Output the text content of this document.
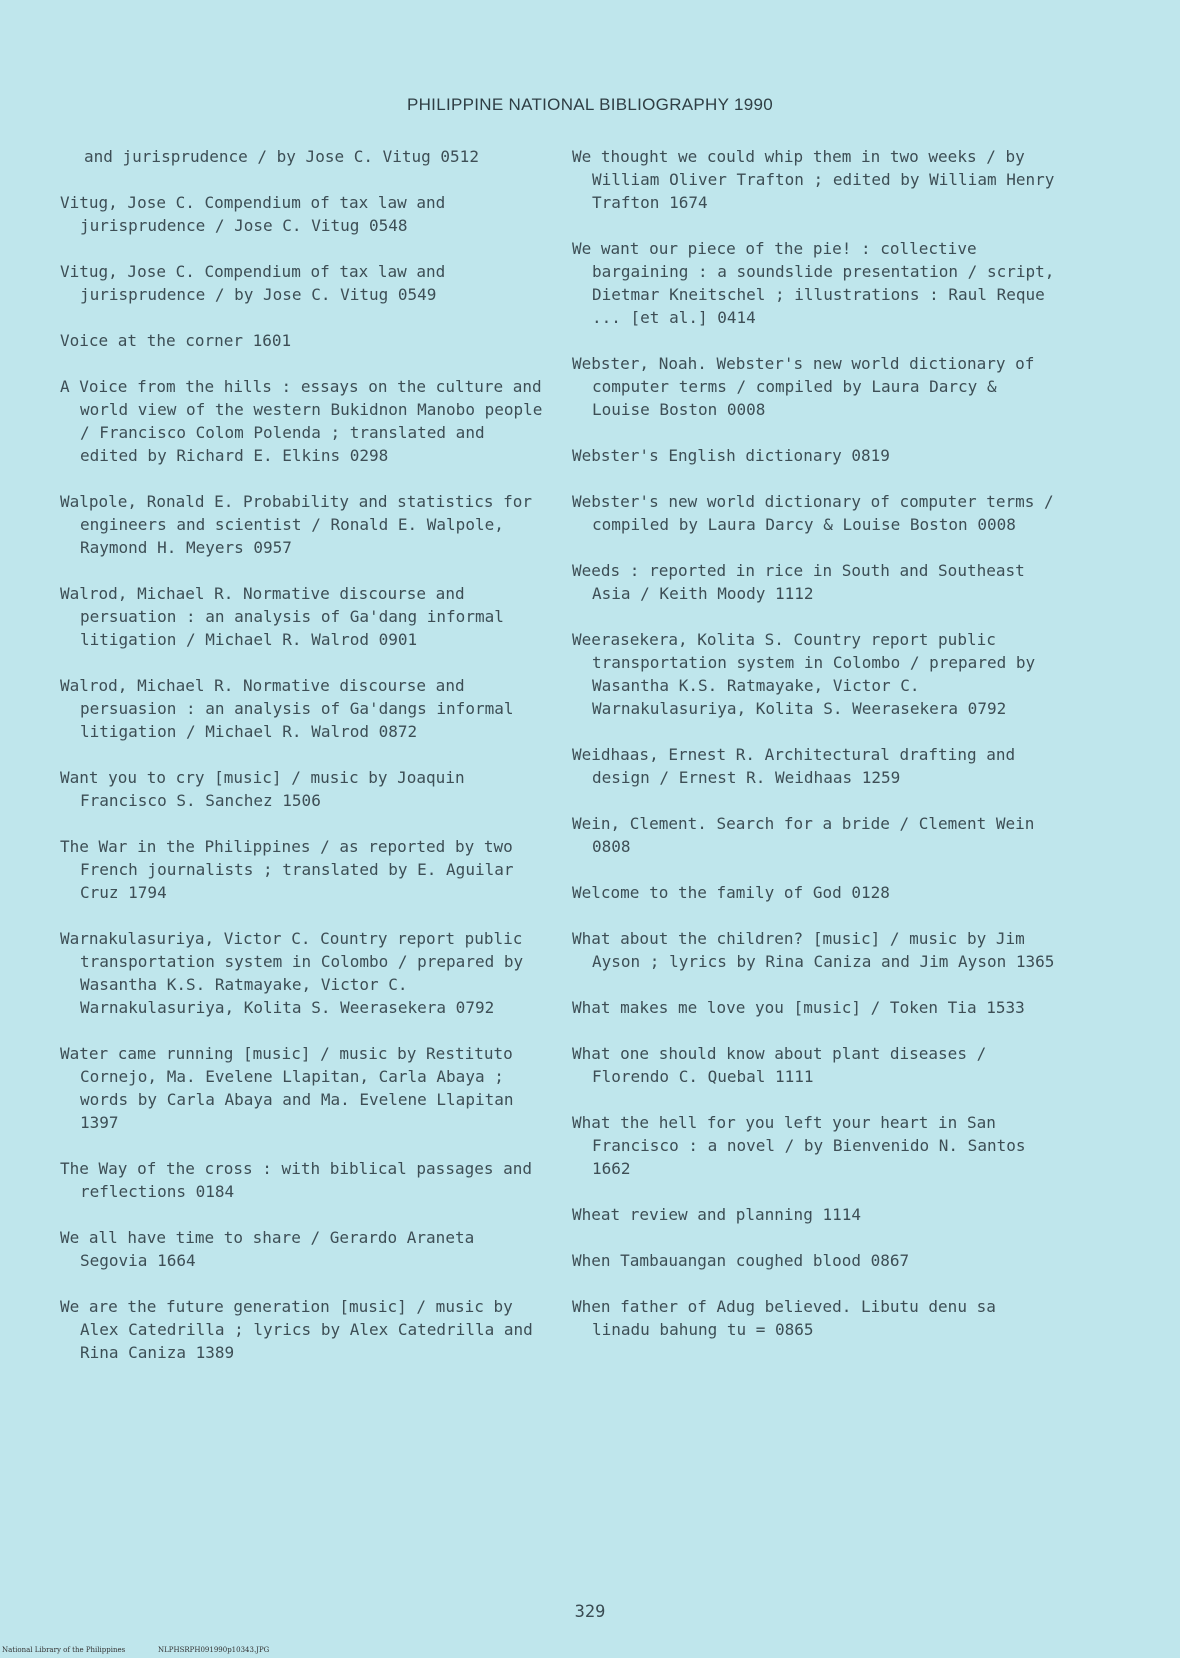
PHILIPPINE NATIONAL BIBLIOGRAPHY 1990
and jurisprudence / by Jose C. Vitug 0512
Vitug, Jose C. Compendium of tax law and jurisprudence / Jose C. Vitug 0548
Vitug, Jose C. Compendium of tax law and jurisprudence / by Jose C. Vitug 0549
Voice at the corner 1601
A Voice from the hills : essays on the culture and world view of the western Bukidnon Manobo people / Francisco Colom Polenda ; translated and edited by Richard E. Elkins 0298
Walpole, Ronald E. Probability and statistics for engineers and scientist / Ronald E. Walpole, Raymond H. Meyers 0957
Walrod, Michael R. Normative discourse and persuation : an analysis of Ga'dang informal litigation / Michael R. Walrod 0901
Walrod, Michael R. Normative discourse and persuasion : an analysis of Ga'dangs informal litigation / Michael R. Walrod 0872
Want you to cry [music] / music by Joaquin Francisco S. Sanchez 1506
The War in the Philippines / as reported by two French journalists ; translated by E. Aguilar Cruz 1794
Warnakulasuriya, Victor C. Country report public transportation system in Colombo / prepared by Wasantha K.S. Ratmayake, Victor C. Warnakulasuriya, Kolita S. Weerasekera 0792
Water came running [music] / music by Restituto Cornejo, Ma. Evelene Llapitan, Carla Abaya ; words by Carla Abaya and Ma. Evelene Llapitan 1397
The Way of the cross : with biblical passages and reflections 0184
We all have time to share / Gerardo Araneta Segovia 1664
We are the future generation [music] / music by Alex Catedrilla ; lyrics by Alex Catedrilla and Rina Caniza 1389
We thought we could whip them in two weeks / by William Oliver Trafton ; edited by William Henry Trafton 1674
We want our piece of the pie! : collective bargaining : a soundslide presentation / script, Dietmar Kneitschel ; illustrations : Raul Reque ... [et al.] 0414
Webster, Noah. Webster's new world dictionary of computer terms / compiled by Laura Darcy & Louise Boston 0008
Webster's English dictionary 0819
Webster's new world dictionary of computer terms / compiled by Laura Darcy & Louise Boston 0008
Weeds : reported in rice in South and Southeast Asia / Keith Moody 1112
Weerasekera, Kolita S. Country report public transportation system in Colombo / prepared by Wasantha K.S. Ratmayake, Victor C. Warnakulasuriya, Kolita S. Weerasekera 0792
Weidhaas, Ernest R. Architectural drafting and design / Ernest R. Weidhaas 1259
Wein, Clement. Search for a bride / Clement Wein 0808
Welcome to the family of God 0128
What about the children? [music] / music by Jim Ayson ; lyrics by Rina Caniza and Jim Ayson 1365
What makes me love you [music] / Token Tia 1533
What one should know about plant diseases / Florendo C. Quebal 1111
What the hell for you left your heart in San Francisco : a novel / by Bienvenido N. Santos 1662
Wheat review and planning 1114
When Tambauangan coughed blood 0867
When father of Adug believed. Libutu denu sa linadu bahung tu = 0865
329
National Library of the Philippines	NLPHSRPH091990p10343.JPG
